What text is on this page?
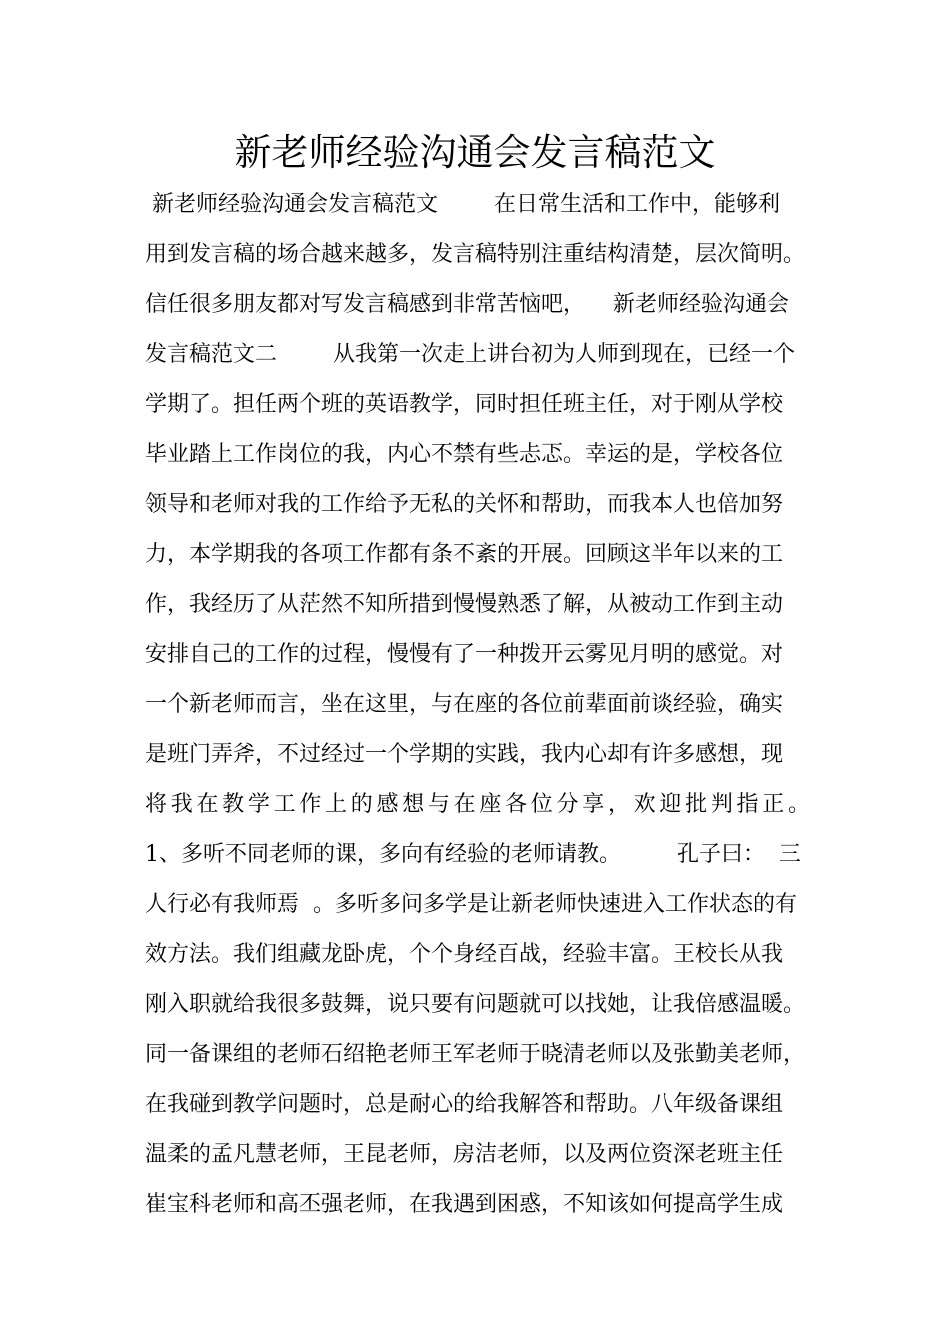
新老师经验沟通会发言稿范文
新老师经验沟通会发言稿范文        在日常生活和工作中，能够利
用到发言稿的场合越来越多，发言稿特别注重结构清楚，层次简明。
信任很多朋友都对写发言稿感到非常苦恼吧，    新老师经验沟通会
发言稿范文二        从我第一次走上讲台初为人师到现在，已经一个
学期了。担任两个班的英语教学，同时担任班主任，对于刚从学校
毕业踏上工作岗位的我，内心不禁有些忐忑。幸运的是，学校各位
领导和老师对我的工作给予无私的关怀和帮助，而我本人也倍加努
力，本学期我的各项工作都有条不紊的开展。回顾这半年以来的工
作，我经历了从茫然不知所措到慢慢熟悉了解，从被动工作到主动
安排自己的工作的过程，慢慢有了一种拨开云雾见月明的感觉。对
一个新老师而言，坐在这里，与在座的各位前辈面前谈经验，确实
是班门弄斧，不过经过一个学期的实践，我内心却有许多感想，现
将我在教学工作上的感想与在座各位分享，欢迎批判指正。
1、多听不同老师的课，多向有经验的老师请教。        孔子曰：  三
人行必有我师焉  。多听多问多学是让新老师快速进入工作状态的有
效方法。我们组藏龙卧虎，个个身经百战，经验丰富。王校长从我
刚入职就给我很多鼓舞，说只要有问题就可以找她，让我倍感温暖。
同一备课组的老师石绍艳老师王军老师于晓清老师以及张勤美老师，
在我碰到教学问题时，总是耐心的给我解答和帮助。八年级备课组
温柔的孟凡慧老师，王昆老师，房洁老师，以及两位资深老班主任
崔宝科老师和高丕强老师，在我遇到困惑，不知该如何提高学生成
